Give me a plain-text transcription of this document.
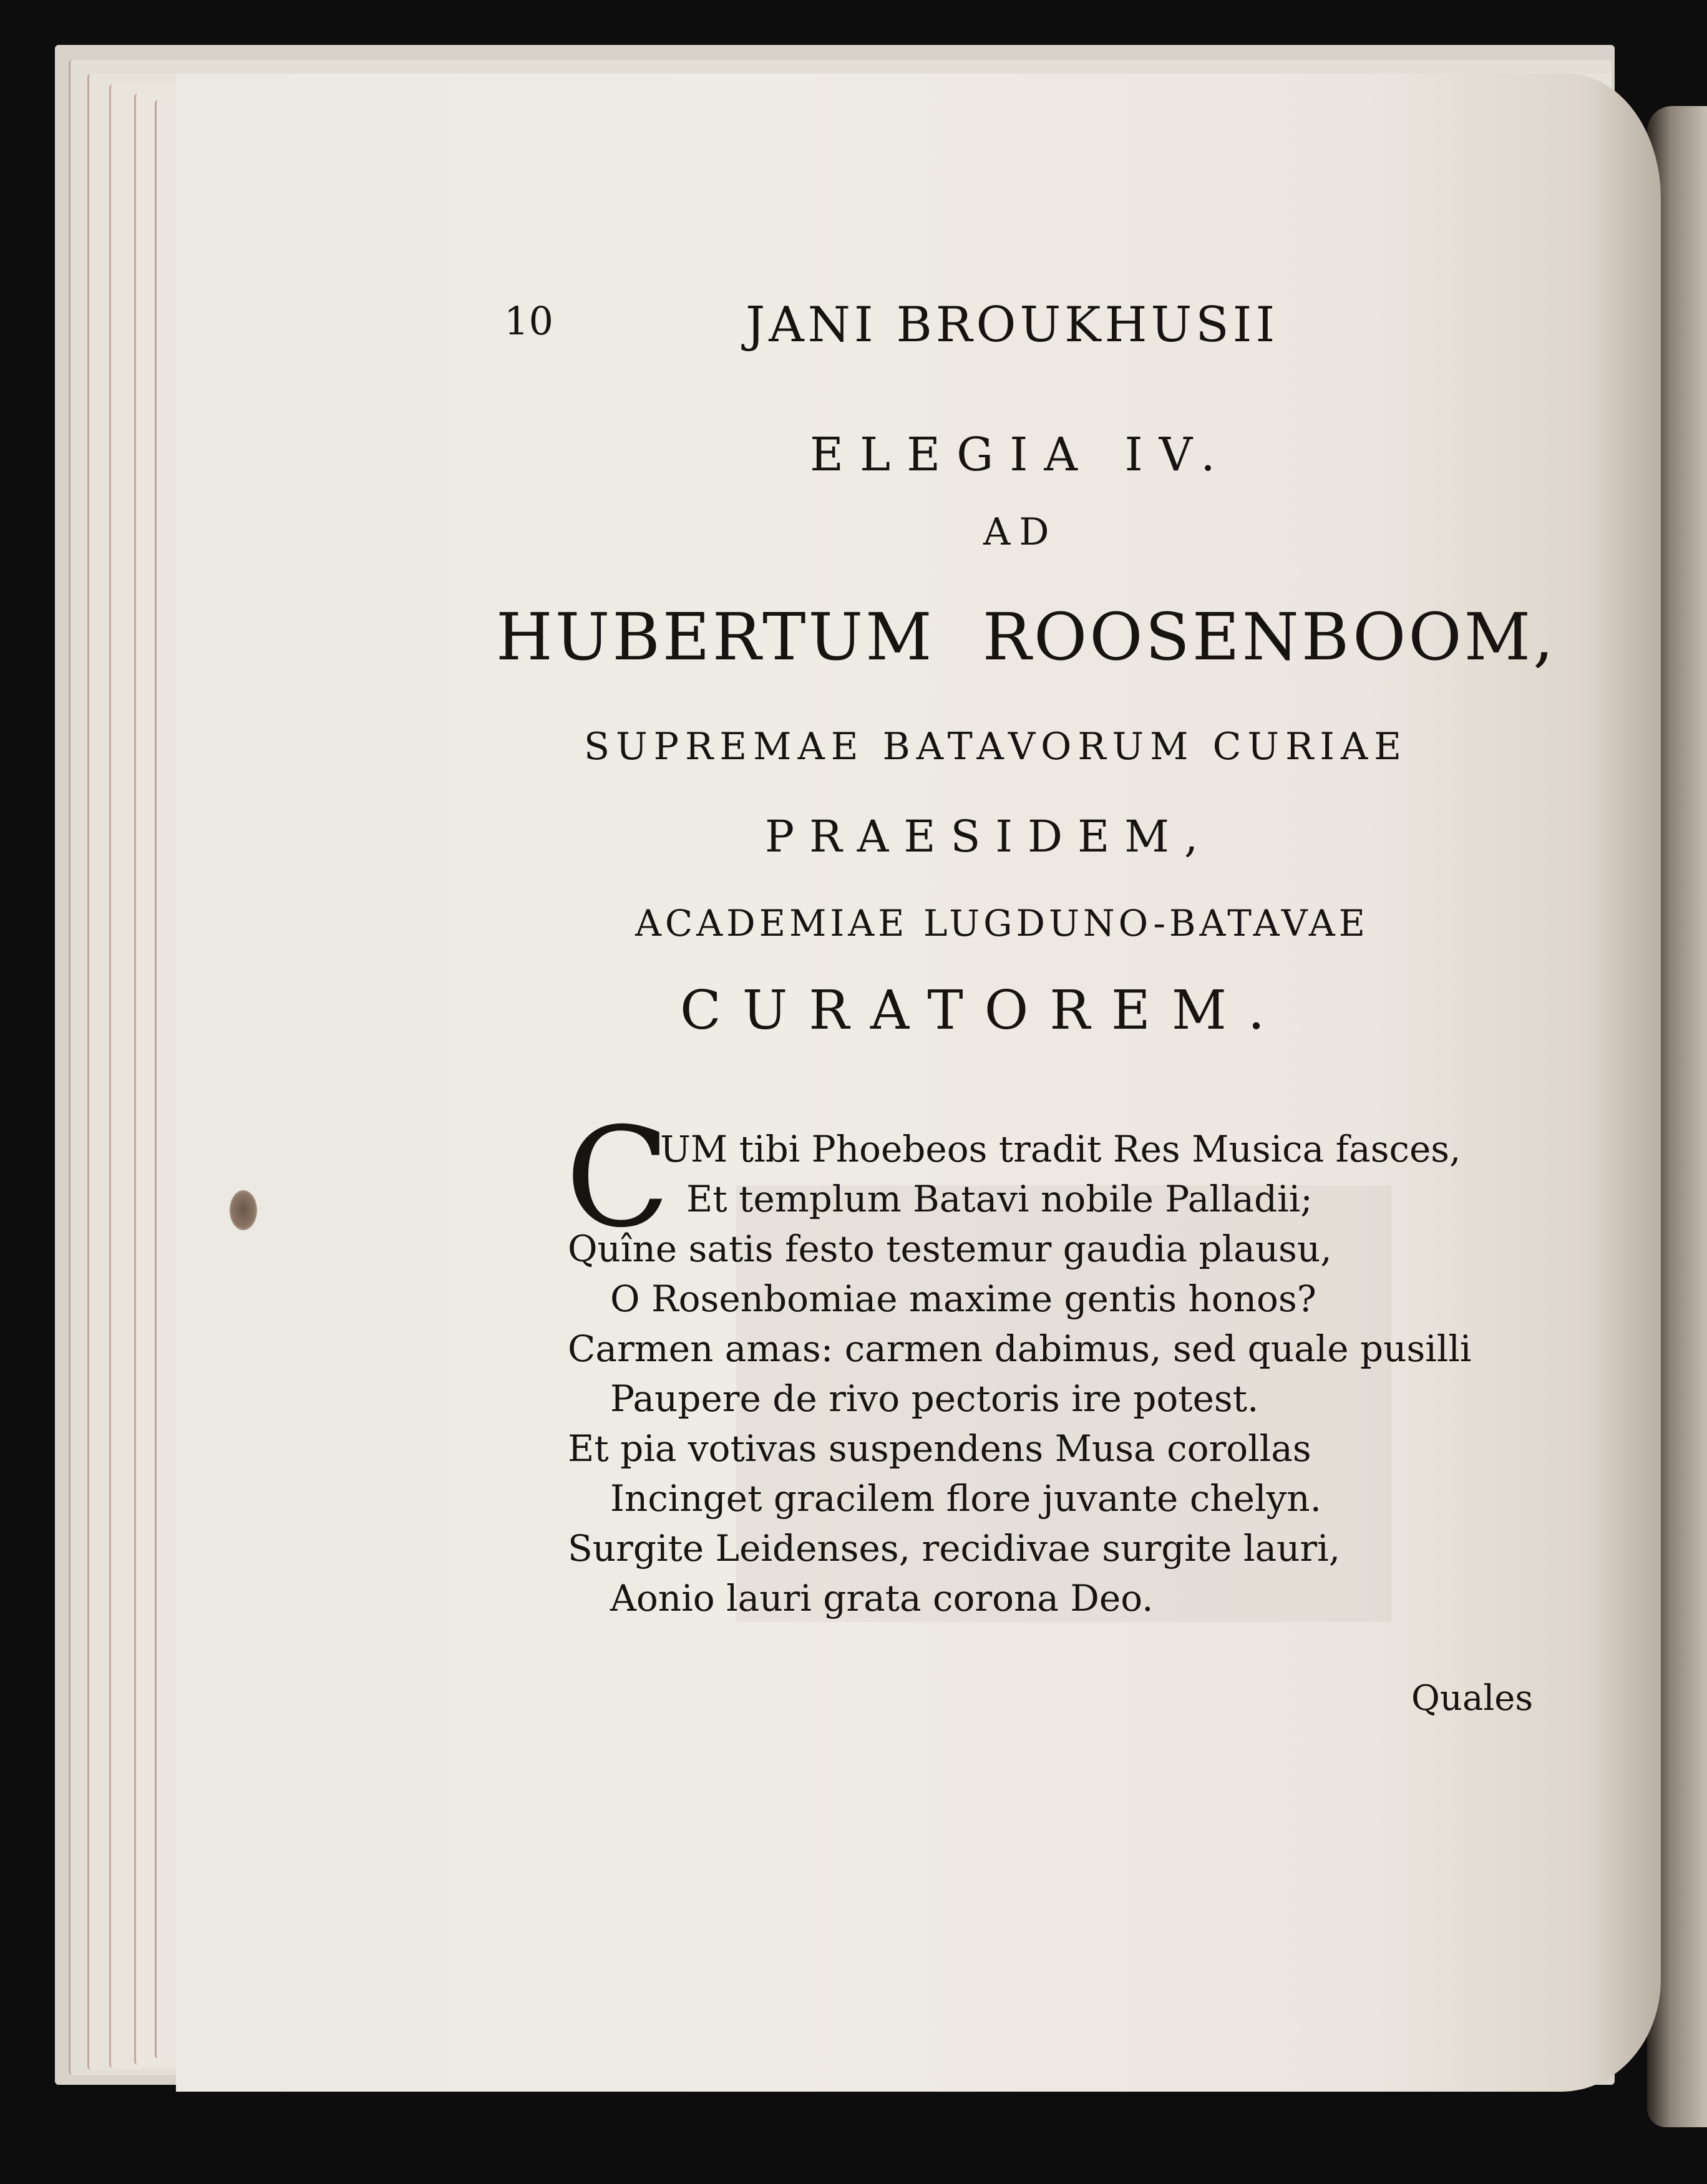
10	JANI BROUKHUSII
ELEGIA IV.
AD
HUBERTUM ROOSENBOOM,
SUPREMAE BATAVORUM CURIAE
PRAESIDEM,
ACADEMIAE LUGDUNO-BATAVAE
CURATOREM.
C
UM tibi Phoebeos tradit Res Musica fasces,
Et templum Batavi nobile Palladii;
Quîne satis festo testemur gaudia plausu,
O Rosenbomiae maxime gentis honos?
Carmen amas: carmen dabimus, sed quale pusilli
Paupere de rivo pectoris ire potest.
Et pia votivas suspendens Musa corollas
Incinget gracilem flore juvante chelyn.
Surgite Leidenses, recidivae surgite lauri,
Aonio lauri grata corona Deo.
Quales
